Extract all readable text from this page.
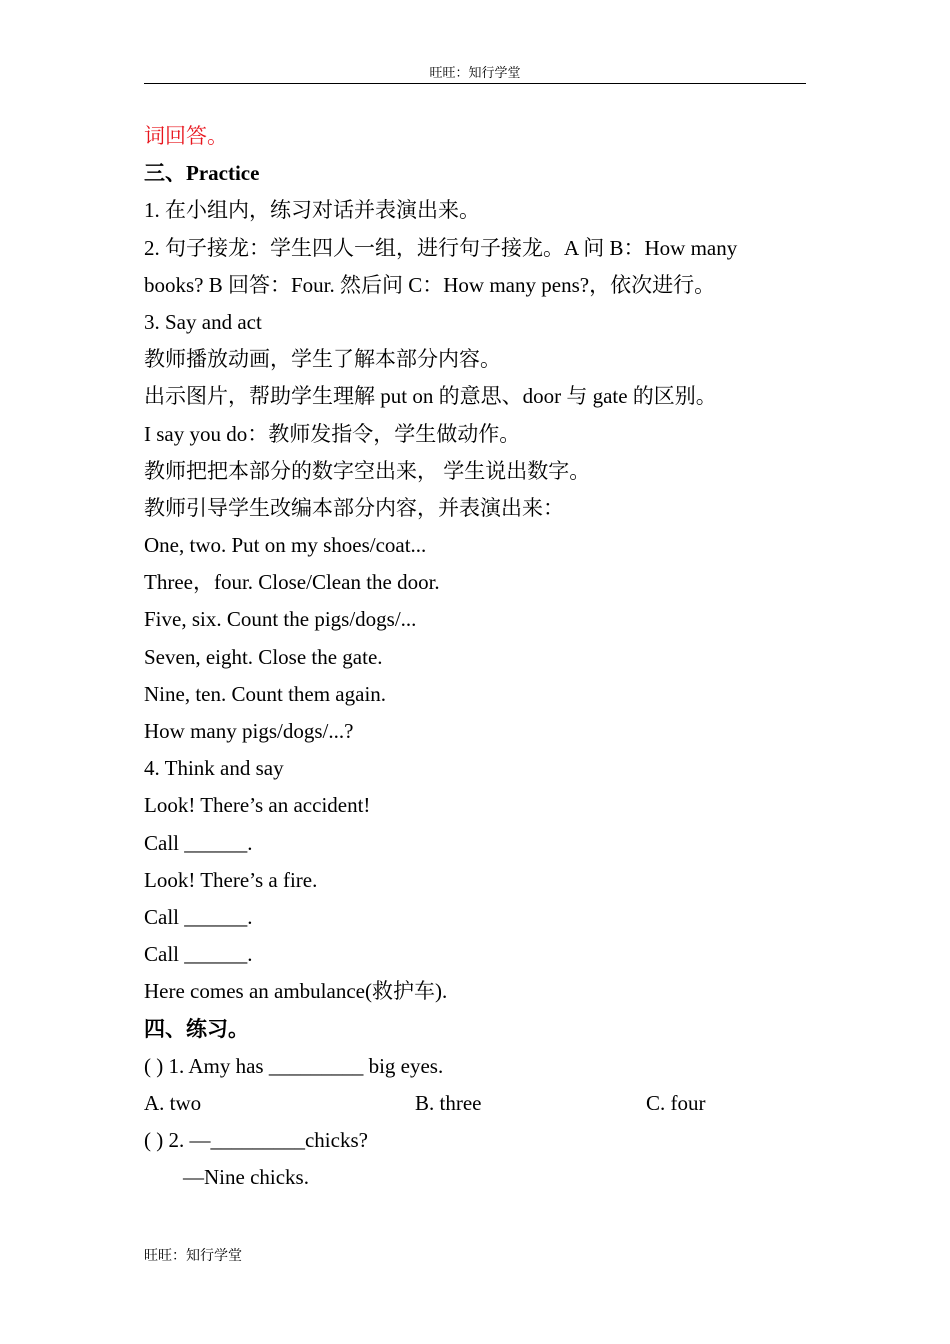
旺旺：知行学堂
词回答。
三、Practice
1. 在小组内，练习对话并表演出来。
2. 句子接龙：学生四人一组，进行句子接龙。A 问 B：How many
books? B 回答：Four. 然后问 C：How many pens?，依次进行。
3. Say and act
教师播放动画，学生了解本部分内容。
出示图片，帮助学生理解 put on 的意思、door 与 gate 的区别。
I say you do：教师发指令，学生做动作。
教师把把本部分的数字空出来， 学生说出数字。
教师引导学生改编本部分内容，并表演出来：
One, two. Put on my shoes/coat...
Three，four. Close/Clean the door.
Five, six. Count the pigs/dogs/...
Seven, eight. Close the gate.
Nine, ten. Count them again.
How many pigs/dogs/...?
4. Think and say
Look! There’s an accident!
Call ______.
Look! There’s a fire.
Call ______.
Call ______.
Here comes an ambulance(救护车).
四、练习。
( ) 1. Amy has _________ big eyes.
A. two	B. three	C. four
( ) 2. —_________chicks?
—Nine chicks.
旺旺：知行学堂
